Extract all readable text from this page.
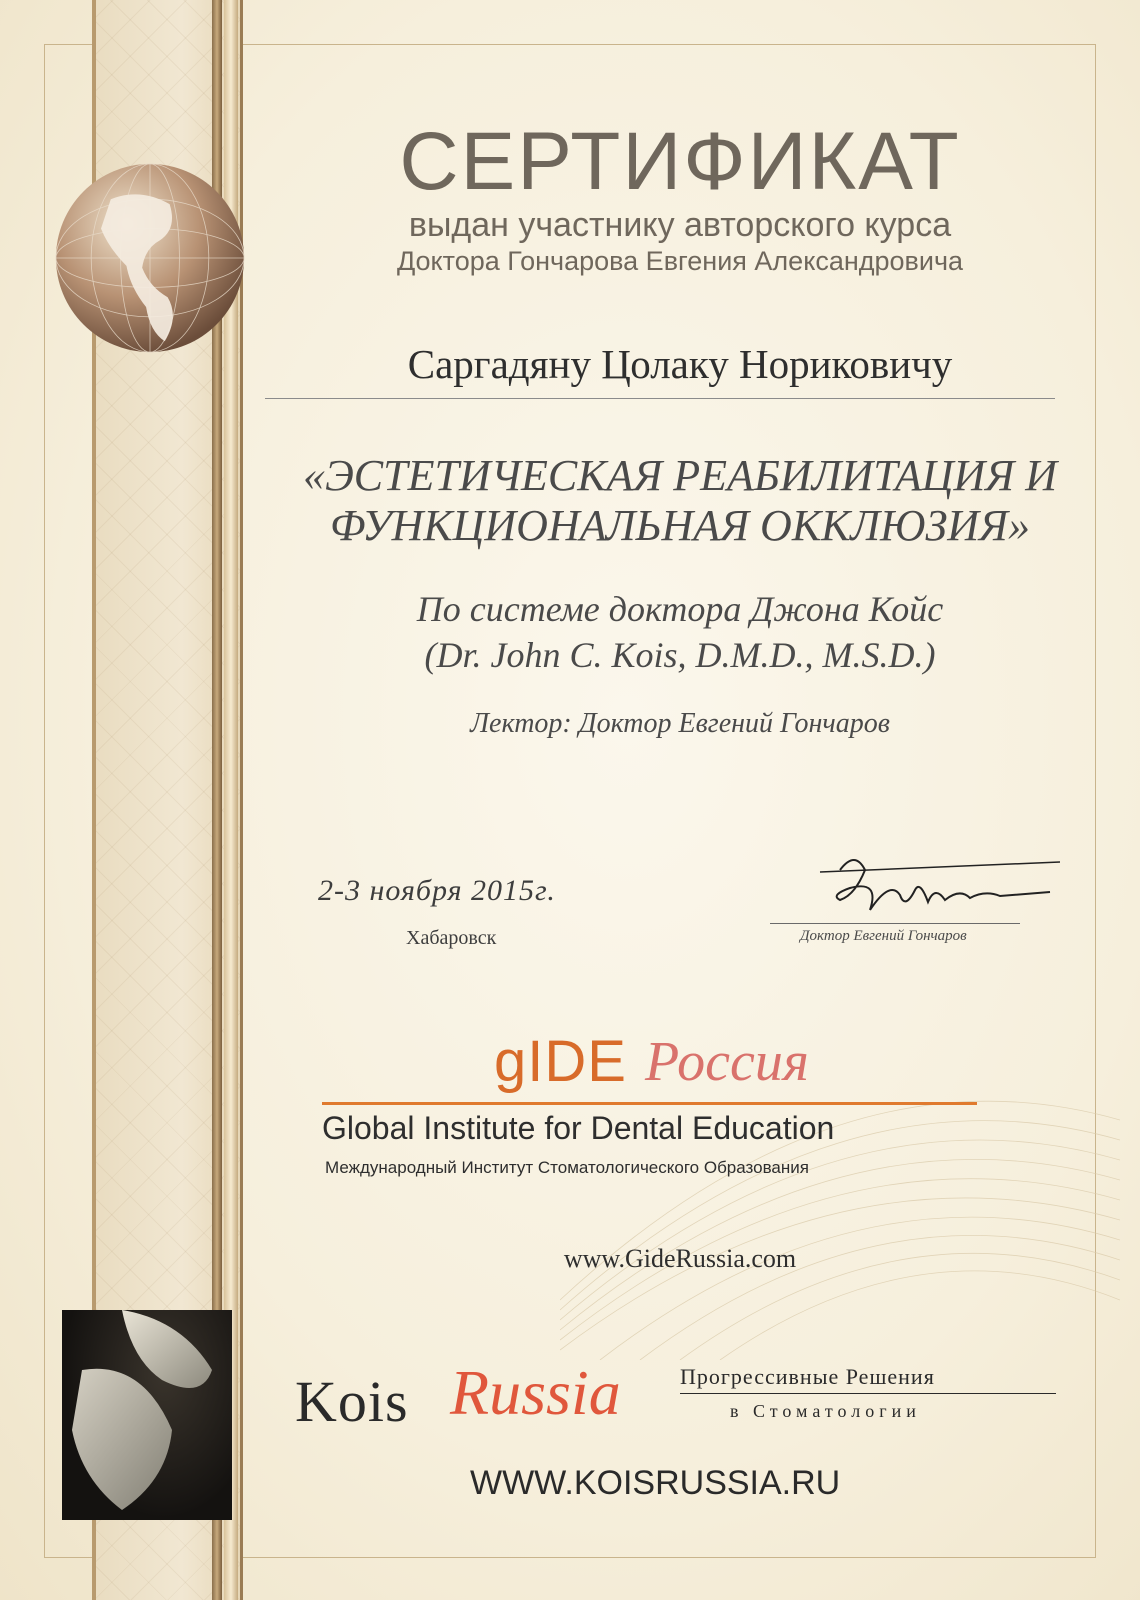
СЕРТИФИКАТ
выдан участнику авторского курса
Доктора Гончарова Евгения Александровича
Саргадяну Цолаку Нориковичу
«ЭСТЕТИЧЕСКАЯ РЕАБИЛИТАЦИЯ И
ФУНКЦИОНАЛЬНАЯ ОККЛЮЗИЯ»
По системе доктора Джона Койс
(Dr. John C. Kois, D.M.D., M.S.D.)
Лектор: Доктор Евгений Гончаров
2-3 ноября 2015г.
Хабаровск	Доктор Евгений Гончаров
gIDE Россия
Global Institute for Dental Education
Международный Институт Стоматологического Образования
www.GideRussia.com
Kois Russia	Прогрессивные Решения
в Стоматологии
WWW.KOISRUSSIA.RU
